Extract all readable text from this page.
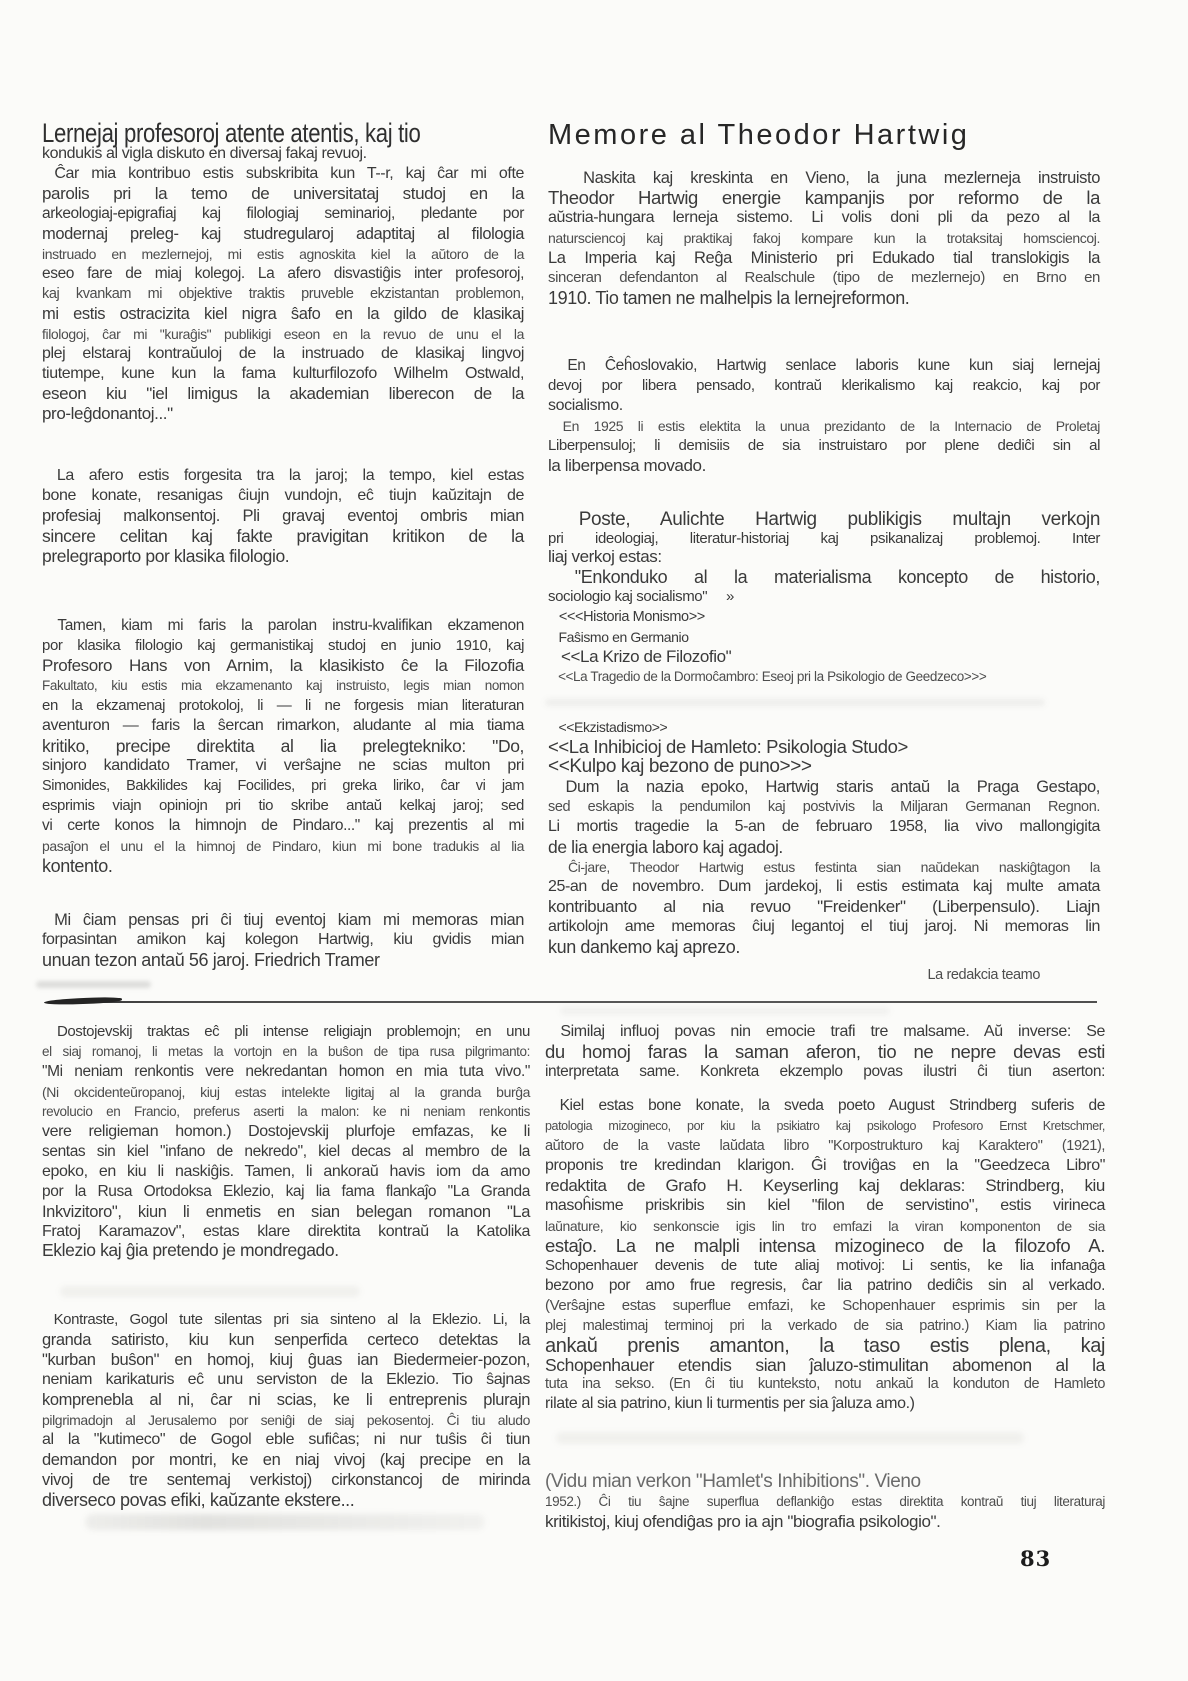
Lernejaj profesoroj atente atentis, kaj tio
kondukis al vigla diskuto en diversaj fakaj revuoj.
Ĉar mia kontribuo estis subskribita kun T--r, kaj ĉar mi ofte
parolis pri la temo de universitataj studoj en la
arkeologiaj-epigrafiaj kaj filologiaj seminarioj, pledante por
modernaj preleg- kaj studregularoj adaptitaj al filologia
instruado en mezlernejoj, mi estis agnoskita kiel la aŭtoro de la
eseo fare de miaj kolegoj. La afero disvastiĝis inter profesoroj,
kaj kvankam mi objektive traktis pruveble ekzistantan problemon,
mi estis ostracizita kiel nigra ŝafo en la gildo de klasikaj
filologoj, ĉar mi "kuraĝis" publikigi eseon en la revuo de unu el la
plej elstaraj kontraŭuloj de la instruado de klasikaj lingvoj
tiutempe, kune kun la fama kulturfilozofo Wilhelm Ostwald,
eseon kiu "iel limigus la akademian liberecon de la
pro-leĝdonantoj..."
La afero estis forgesita tra la jaroj; la tempo, kiel estas
bone konate, resanigas ĉiujn vundojn, eĉ tiujn kaŭzitajn de
profesiaj malkonsentoj. Pli gravaj eventoj ombris mian
sincere celitan kaj fakte pravigitan kritikon de la
prelegraporto por klasika filologio.
Tamen, kiam mi faris la parolan instru-kvalifikan ekzamenon
por klasika filologio kaj germanistikaj studoj en junio 1910, kaj
Profesoro Hans von Arnim, la klasikisto ĉe la Filozofia
Fakultato, kiu estis mia ekzamenanto kaj instruisto, legis mian nomon
en la ekzamenaj protokoloj, li — li ne forgesis mian literaturan
aventuron — faris la ŝercan rimarkon, aludante al mia tiama
kritiko, precipe direktita al lia prelegtekniko: "Do,
sinjoro kandidato Tramer, vi verŝajne ne scias multon pri
Simonides, Bakkilides kaj Focilides, pri greka liriko, ĉar vi jam
esprimis viajn opiniojn pri tio skribe antaŭ kelkaj jaroj; sed
vi certe konos la himnojn de Pindaro..." kaj prezentis al mi
pasaĵon el unu el la himnoj de Pindaro, kiun mi bone tradukis al lia
kontento.
Mi ĉiam pensas pri ĉi tiuj eventoj kiam mi memoras mian
forpasintan amikon kaj kolegon Hartwig, kiu gvidis mian
unuan tezon antaŭ 56 jaroj. Friedrich Tramer
Memore al Theodor Hartwig
Naskita kaj kreskinta en Vieno, la juna mezlerneja instruisto
Theodor Hartwig energie kampanjis por reformo de la
aŭstria-hungara lerneja sistemo. Li volis doni pli da pezo al la
natursciencoj kaj praktikaj fakoj kompare kun la trotaksitaj homsciencoj.
La Imperia kaj Reĝa Ministerio pri Edukado tial translokigis la
sinceran defendanton al Realschule (tipo de mezlernejo) en Brno en
1910. Tio tamen ne malhelpis la lernejreformon.
En Ĉeĥoslovakio, Hartwig senlace laboris kune kun siaj lernejaj
devoj por libera pensado, kontraŭ klerikalismo kaj reakcio, kaj por
socialismo.
En 1925 li estis elektita la unua prezidanto de la Internacio de Proletaj
Liberpensuloj; li demisiis de sia instruistaro por plene dediĉi sin al
la liberpensa movado.
Poste, Aulichte Hartwig publikigis multajn verkojn
pri ideologiaj, literatur-historiaj kaj psikanalizaj problemoj. Inter
liaj verkoj estas:
"Enkonduko al la materialisma koncepto de historio,
sociologio kaj socialismo"     »
<<<Historia Monismo>>
Faŝismo en Germanio
<<La Krizo de Filozofio"
<<La Tragedio de la Dormoĉambro: Eseoj pri la Psikologio de Geedzeco>>>
<<Ekzistadismo>>
<<La Inhibicioj de Hamleto: Psikologia Studo>
<<Kulpo kaj bezono de puno>>>
Dum la nazia epoko, Hartwig staris antaŭ la Praga Gestapo,
sed eskapis la pendumilon kaj postvivis la Miljaran Germanan Regnon.
Li mortis tragedie la 5-an de februaro 1958, lia vivo mallongigita
de lia energia laboro kaj agadoj.
Ĉi-jare, Theodor Hartwig estus festinta sian naŭdekan naskiĝtagon la
25-an de novembro. Dum jardekoj, li estis estimata kaj multe amata
kontribuanto al nia revuo "Freidenker" (Liberpensulo). Liajn
artikolojn ame memoras ĉiuj legantoj el tiuj jaroj. Ni memoras lin
kun dankemo kaj aprezo.
La redakcia teamo
Dostojevskij traktas eĉ pli intense religiajn problemojn; en unu
el siaj romanoj, li metas la vortojn en la buŝon de tipa rusa pilgrimanto:
"Mi neniam renkontis vere nekredantan homon en mia tuta vivo."
(Ni okcidenteŭropanoj, kiuj estas intelekte ligitaj al la granda burĝa
revolucio en Francio, preferus aserti la malon: ke ni neniam renkontis
vere religieman homon.) Dostojevskij plurfoje emfazas, ke li
sentas sin kiel "infano de nekredo", kiel decas al membro de la
epoko, en kiu li naskiĝis. Tamen, li ankoraŭ havis iom da amo
por la Rusa Ortodoksa Eklezio, kaj lia fama flankaĵo "La Granda
Inkvizitoro", kiun li enmetis en sian belegan romanon "La
Fratoj Karamazov", estas klare direktita kontraŭ la Katolika
Eklezio kaj ĝia pretendo je mondregado.
Kontraste, Gogol tute silentas pri sia sinteno al la Eklezio. Li, la
granda satiristo, kiu kun senperfida certeco detektas la
"kurban buŝon" en homoj, kiuj ĝuas ian Biedermeier-pozon,
neniam karikaturis eĉ unu serviston de la Eklezio. Tio ŝajnas
komprenebla al ni, ĉar ni scias, ke li entreprenis plurajn
pilgrimadojn al Jerusalemo por seniĝi de siaj pekosentoj. Ĉi tiu aludo
al la "kutimeco" de Gogol eble sufiĉas; ni nur tuŝis ĉi tiun
demandon por montri, ke en niaj vivoj (kaj precipe en la
vivoj de tre sentemaj verkistoj) cirkonstancoj de mirinda
diverseco povas efiki, kaŭzante ekstere...
Similaj influoj povas nin emocie trafi tre malsame. Aŭ inverse: Se
du homoj faras la saman aferon, tio ne nepre devas esti
interpretata same. Konkreta ekzemplo povas ilustri ĉi tiun aserton:
Kiel estas bone konate, la sveda poeto August Strindberg suferis de
patologia mizogineco, por kiu la psikiatro kaj psikologo Profesoro Ernst Kretschmer,
aŭtoro de la vaste laŭdata libro "Korpostrukturo kaj Karaktero" (1921),
proponis tre kredindan klarigon. Ĝi troviĝas en la "Geedzeca Libro"
redaktita de Grafo H. Keyserling kaj deklaras: Strindberg, kiu
masoĥisme priskribis sin kiel "filon de servistino", estis virineca
laŭnature, kio senkonscie igis lin tro emfazi la viran komponenton de sia
estaĵo. La ne malpli intensa mizogineco de la filozofo A.
Schopenhauer devenis de tute aliaj motivoj: Li sentis, ke lia infanaĝa
bezono por amo frue regresis, ĉar lia patrino dediĉis sin al verkado.
(Verŝajne estas superflue emfazi, ke Schopenhauer esprimis sin per la
plej malestimaj terminoj pri la verkado de sia patrino.) Kiam lia patrino
ankaŭ prenis amanton, la taso estis plena, kaj
Schopenhauer etendis sian ĵaluzo-stimulitan abomenon al la
tuta ina sekso. (En ĉi tiu kunteksto, notu ankaŭ la konduton de Hamleto
rilate al sia patrino, kiun li turmentis per sia ĵaluza amo.)
(Vidu mian verkon "Hamlet's Inhibitions". Vieno
1952.) Ĉi tiu ŝajne superflua deflankiĝo estas direktita kontraŭ tiuj literaturaj
kritikistoj, kiuj ofendiĝas pro ia ajn "biografia psikologio".
83
